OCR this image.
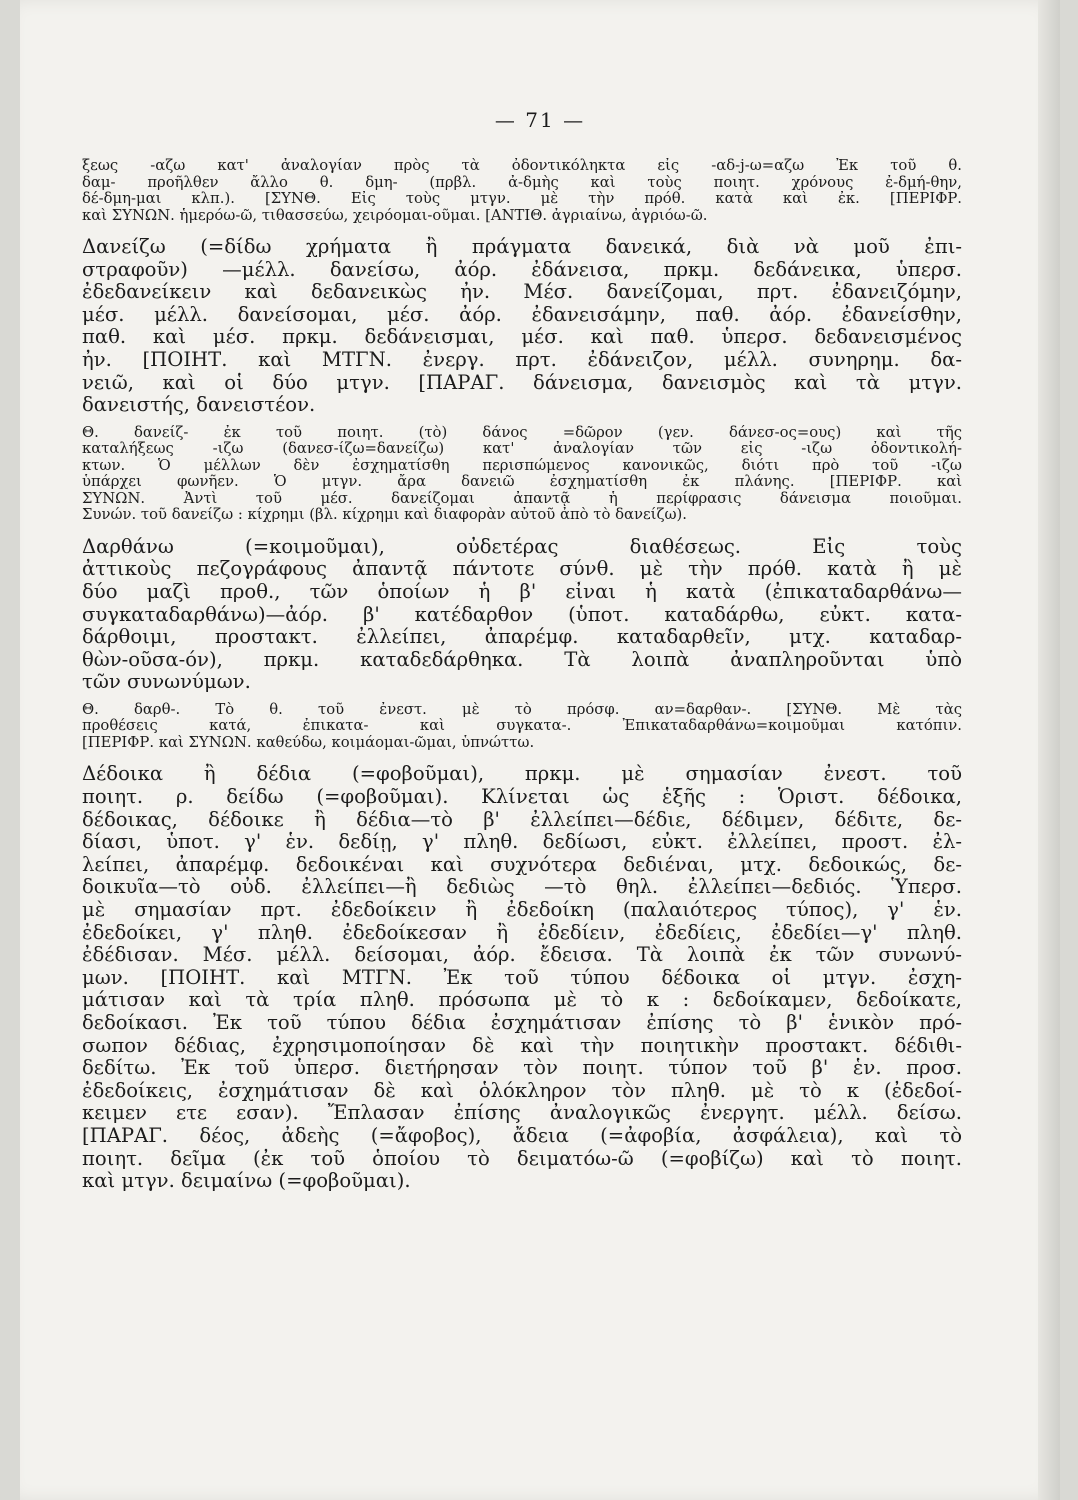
— 71 —
ξεως -αζω κατ' ἀναλογίαν πρὸς τὰ ὀδοντικόληκτα εἰς -αδ-j-ω=αζω Ἐκ τοῦ θ.
δαμ- προῆλθεν ἄλλο θ. δμη- (πρβλ. ἀ-δμὴς καὶ τοὺς ποιητ. χρόνους ἐ-δμή-θην,
δέ-δμη-μαι κλπ.). [ΣΥΝΘ. Εἰς τοὺς μτγν. μὲ τὴν πρόθ. κατὰ καὶ ἐκ. [ΠΕΡΙΦΡ.
καὶ ΣΥΝΩΝ. ἡμερόω-ῶ, τιθασσεύω, χειρόομαι-οῦμαι. [ΑΝΤΙΘ. ἀγριαίνω, ἀγριόω-ῶ.
Δανείζω (=δίδω χρήματα ἢ πράγματα δανεικά, διὰ νὰ μοῦ ἐπι-
στραφοῦν) —μέλλ. δανείσω, ἀόρ. ἐδάνεισα, πρκμ. δεδάνεικα, ὑπερσ.
ἐδεδανείκειν καὶ δεδανεικὼς ἦν. Μέσ. δανείζομαι, πρτ. ἐδανειζόμην,
μέσ. μέλλ. δανείσομαι, μέσ. ἀόρ. ἐδανεισάμην, παθ. ἀόρ. ἐδανείσθην,
παθ. καὶ μέσ. πρκμ. δεδάνεισμαι, μέσ. καὶ παθ. ὑπερσ. δεδανεισμένος
ἦν. [ΠΟΙΗΤ. καὶ ΜΤΓΝ. ἐνεργ. πρτ. ἐδάνειζον, μέλλ. συνηρημ. δα-
νειῶ, καὶ οἱ δύο μτγν. [ΠΑΡΑΓ. δάνεισμα, δανεισμὸς καὶ τὰ μτγν.
δανειστής, δανειστέον.
Θ. δανείζ- ἐκ τοῦ ποιητ. (τὸ) δάνος =δῶρον (γεν. δάνεσ-ος=ους) καὶ τῆς
καταλήξεως -ιζω (δανεσ-ίζω=δανείζω) κατ' ἀναλογίαν τῶν εἰς -ιζω ὀδοντικολή-
κτων. Ὁ μέλλων δὲν ἐσχηματίσθη περισπώμενος κανονικῶς, διότι πρὸ τοῦ -ιζω
ὑπάρχει φωνῆεν. Ὁ μτγν. ἄρα δανειῶ ἐσχηματίσθη ἐκ πλάνης. [ΠΕΡΙΦΡ. καὶ
ΣΥΝΩΝ. Ἀντὶ τοῦ μέσ. δανείζομαι ἀπαντᾷ ἡ περίφρασις δάνεισμα ποιοῦμαι.
Συνών. τοῦ δανείζω : κίχρημι (βλ. κίχρημι καὶ διαφορὰν αὐτοῦ ἀπὸ τὸ δανείζω).
Δαρθάνω (=κοιμοῦμαι), οὐδετέρας διαθέσεως. Εἰς τοὺς
ἀττικοὺς πεζογράφους ἀπαντᾷ πάντοτε σύνθ. μὲ τὴν πρόθ. κατὰ ἢ μὲ
δύο μαζὶ προθ., τῶν ὁποίων ἡ β' εἶναι ἡ κατὰ (ἐπικαταδαρθάνω—
συγκαταδαρθάνω)—ἀόρ. β' κατέδαρθον (ὑποτ. καταδάρθω, εὐκτ. κατα-
δάρθοιμι, προστακτ. ἐλλείπει, ἀπαρέμφ. καταδαρθεῖν, μτχ. καταδαρ-
θὼν-οῦσα-όν), πρκμ. καταδεδάρθηκα. Τὰ λοιπὰ ἀναπληροῦνται ὑπὸ
τῶν συνωνύμων.
Θ. δαρθ-. Τὸ θ. τοῦ ἐνεστ. μὲ τὸ πρόσφ. αν=δαρθαν-. [ΣΥΝΘ. Μὲ τὰς
προθέσεις κατά, ἐπικατα- καὶ συγκατα-. Ἐπικαταδαρθάνω=κοιμοῦμαι κατόπιν.
[ΠΕΡΙΦΡ. καὶ ΣΥΝΩΝ. καθεύδω, κοιμάομαι-ῶμαι, ὑπνώττω.
Δέδοικα ἢ δέδια (=φοβοῦμαι), πρκμ. μὲ σημασίαν ἐνεστ. τοῦ
ποιητ. ρ. δείδω (=φοβοῦμαι). Κλίνεται ὡς ἑξῆς : Ὁριστ. δέδοικα,
δέδοικας, δέδοικε ἢ δέδια—τὸ β' ἐλλείπει—δέδιε, δέδιμεν, δέδιτε, δε-
δίασι, ὑποτ. γ' ἑν. δεδίῃ, γ' πληθ. δεδίωσι, εὐκτ. ἐλλείπει, προστ. ἐλ-
λείπει, ἀπαρέμφ. δεδοικέναι καὶ συχνότερα δεδιέναι, μτχ. δεδοικώς, δε-
δοικυῖα—τὸ οὐδ. ἐλλείπει—ἢ δεδιὼς —τὸ θηλ. ἐλλείπει—δεδιός. Ὑπερσ.
μὲ σημασίαν πρτ. ἐδεδοίκειν ἢ ἐδεδοίκη (παλαιότερος τύπος), γ' ἑν.
ἐδεδοίκει, γ' πληθ. ἐδεδοίκεσαν ἢ ἐδεδίειν, ἐδεδίεις, ἐδεδίει—γ' πληθ.
ἐδέδισαν. Μέσ. μέλλ. δείσομαι, ἀόρ. ἔδεισα. Τὰ λοιπὰ ἐκ τῶν συνωνύ-
μων. [ΠΟΙΗΤ. καὶ ΜΤΓΝ. Ἐκ τοῦ τύπου δέδοικα οἱ μτγν. ἐσχη-
μάτισαν καὶ τὰ τρία πληθ. πρόσωπα μὲ τὸ κ : δεδοίκαμεν, δεδοίκατε,
δεδοίκασι. Ἐκ τοῦ τύπου δέδια ἐσχημάτισαν ἐπίσης τὸ β' ἑνικὸν πρό-
σωπον δέδιας, ἐχρησιμοποίησαν δὲ καὶ τὴν ποιητικὴν προστακτ. δέδιθι-
δεδίτω. Ἐκ τοῦ ὑπερσ. διετήρησαν τὸν ποιητ. τύπον τοῦ β' ἑν. προσ.
ἐδεδοίκεις, ἐσχημάτισαν δὲ καὶ ὁλόκληρον τὸν πληθ. μὲ τὸ κ (ἐδεδοί-
κειμεν ετε εσαν). Ἔπλασαν ἐπίσης ἀναλογικῶς ἐνεργητ. μέλλ. δείσω.
[ΠΑΡΑΓ. δέος, ἀδεὴς (=ἄφοβος), ἄδεια (=ἀφοβία, ἀσφάλεια), καὶ τὸ
ποιητ. δεῖμα (ἐκ τοῦ ὁποίου τὸ δειματόω-ῶ (=φοβίζω) καὶ τὸ ποιητ.
καὶ μτγν. δειμαίνω (=φοβοῦμαι).
